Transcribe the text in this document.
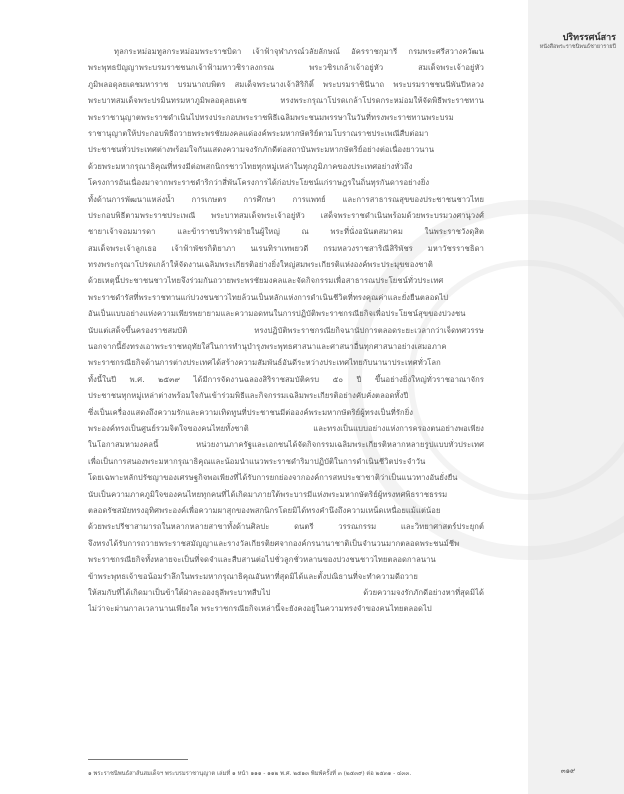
ปริทรรศน์สาร

หนังสือพระราชนิพนธ์ชายารายปี

ทุลกระหม่อมทูลกระหม่อมพระราชบิดา เจ้าฟ้าจุฬาภรณ์วลัยลักษณ์ อัครราชกุมารี กรมพระศรีสวางควัฒน
พระพุทธปัญญาพระบรมราชชนกเจ้าฟ้ามหาวชิราลงกรณ พระวชิรเกล้าเจ้าอยู่หัว สมเด็จพระเจ้าอยู่หัว
ภูมิพลอดุลยเดชมหาราช บรมนาถบพิตร สมเด็จพระนางเจ้าสิริกิติ์ พระบรมราชินีนาถ พระบรมราชชนนีพันปีหลวง
พระบาทสมเด็จพระปรมินทรมหาภูมิพลอดุลยเดช ทรงพระกรุณาโปรดเกล้าโปรดกระหม่อมให้จัดพิธีพระราชทาน
พระราชานุญาตพระราชดำเนินไปทรงประกอบพระราชพิธีเฉลิมพระชนมพรรษาในวันที่ทรงพระราชทานพระบรม
ราชานุญาตให้ประกอบพิธีถวายพระพรชัยมงคลแด่องค์พระมหากษัตริย์ตามโบราณราชประเพณีสืบต่อมา
ประชาชนทั่วประเทศต่างพร้อมใจกันแสดงความจงรักภักดีต่อสถาบันพระมหากษัตริย์อย่างต่อเนื่องยาวนาน
ด้วยพระมหากรุณาธิคุณที่ทรงมีต่อพสกนิกรชาวไทยทุกหมู่เหล่าในทุกภูมิภาคของประเทศอย่างทั่วถึง
โครงการอันเนื่องมาจากพระราชดำริกว่าสี่พันโครงการได้ก่อประโยชน์แก่ราษฎรในถิ่นทุรกันดารอย่างยิ่ง
ทั้งด้านการพัฒนาแหล่งน้ำ การเกษตร การศึกษา การแพทย์ และการสาธารณสุขของประชาชนชาวไทย
ประกอบพิธีตามพระราชประเพณี พระบาทสมเด็จพระเจ้าอยู่หัว เสด็จพระราชดำเนินพร้อมด้วยพระบรมวงศานุวงศ์
ชายาเจ้าจอมมารดา และข้าราชบริพารฝ่ายในผู้ใหญ่ ณ พระที่นั่งอนันตสมาคม ในพระราชวังดุสิต
สมเด็จพระเจ้าลูกเธอ เจ้าฟ้าพัชรกิติยาภา นเรนทิราเทพยวดี กรมหลวงราชสาริณีสิริพัชร มหาวัชรราชธิดา
ทรงพระกรุณาโปรดเกล้าให้จัดงานเฉลิมพระเกียรติอย่างยิ่งใหญ่สมพระเกียรติแห่งองค์พระประมุขของชาติ
ด้วยเหตุนี้ประชาชนชาวไทยจึงร่วมกันถวายพระพรชัยมงคลและจัดกิจกรรมเพื่อสาธารณประโยชน์ทั่วประเทศ
พระราชดำรัสที่พระราชทานแก่ปวงชนชาวไทยล้วนเป็นหลักแห่งการดำเนินชีวิตที่ทรงคุณค่าและยั่งยืนตลอดไป
อันเป็นแบบอย่างแห่งความเพียรพยายามและความอดทนในการปฏิบัติพระราชกรณียกิจเพื่อประโยชน์สุขของปวงชน
นับแต่เสด็จขึ้นครองราชสมบัติ ทรงปฏิบัติพระราชกรณียกิจนานัปการตลอดระยะเวลากว่าเจ็ดทศวรรษ
นอกจากนี้ยังทรงเอาพระราชหฤทัยใส่ในการทำนุบำรุงพระพุทธศาสนาและศาสนาอื่นทุกศาสนาอย่างเสมอภาค
พระราชกรณียกิจด้านการต่างประเทศได้สร้างความสัมพันธ์อันดีระหว่างประเทศไทยกับนานาประเทศทั่วโลก
ทั้งนี้ในปี พ.ศ. ๒๕๓๙ ได้มีการจัดงานฉลองสิริราชสมบัติครบ ๕๐ ปี ขึ้นอย่างยิ่งใหญ่ทั่วราชอาณาจักร
ประชาชนทุกหมู่เหล่าต่างพร้อมใจกันเข้าร่วมพิธีและกิจกรรมเฉลิมพระเกียรติอย่างคับคั่งตลอดทั้งปี
ซึ่งเป็นเครื่องแสดงถึงความรักและความเทิดทูนที่ประชาชนมีต่อองค์พระมหากษัตริย์ผู้ทรงเป็นที่รักยิ่ง
พระองค์ทรงเป็นศูนย์รวมจิตใจของคนไทยทั้งชาติ และทรงเป็นแบบอย่างแห่งการครองตนอย่างพอเพียง
ในโอกาสมหามงคลนี้ หน่วยงานภาครัฐและเอกชนได้จัดกิจกรรมเฉลิมพระเกียรติหลากหลายรูปแบบทั่วประเทศ
เพื่อเป็นการสนองพระมหากรุณาธิคุณและน้อมนำแนวพระราชดำริมาปฏิบัติในการดำเนินชีวิตประจำวัน
โดยเฉพาะหลักปรัชญาของเศรษฐกิจพอเพียงที่ได้รับการยกย่องจากองค์การสหประชาชาติว่าเป็นแนวทางอันยั่งยืน
นับเป็นความภาคภูมิใจของคนไทยทุกคนที่ได้เกิดมาภายใต้พระบารมีแห่งพระมหากษัตริย์ผู้ทรงทศพิธราชธรรม
ตลอดรัชสมัยทรงอุทิศพระองค์เพื่อความผาสุกของพสกนิกรโดยมิได้ทรงคำนึงถึงความเหน็ดเหนื่อยแม้แต่น้อย
ด้วยพระปรีชาสามารถในหลากหลายสาขาทั้งด้านศิลปะ ดนตรี วรรณกรรม และวิทยาศาสตร์ประยุกต์
จึงทรงได้รับการถวายพระราชสมัญญาและรางวัลเกียรติยศจากองค์กรนานาชาติเป็นจำนวนมากตลอดพระชนม์ชีพ
พระราชกรณียกิจทั้งหลายจะเป็นที่จดจำและสืบสานต่อไปชั่วลูกชั่วหลานของปวงชนชาวไทยตลอดกาลนาน
ข้าพระพุทธเจ้าขอน้อมรำลึกในพระมหากรุณาธิคุณอันหาที่สุดมิได้และตั้งปณิธานที่จะทำความดีถวาย
ให้สมกับที่ได้เกิดมาเป็นข้าใต้ฝ่าละอองธุลีพระบาทสืบไป ด้วยความจงรักภักดีอย่างหาที่สุดมิได้
ไม่ว่าจะผ่านกาลเวลานานเพียงใด พระราชกรณียกิจเหล่านี้จะยังคงอยู่ในความทรงจำของคนไทยตลอดไป

๑ พระราชนิพนธ์สาส์นสมเด็จฯ พระบรมราชานุญาต เล่มที่ ๑ หน้า ๑๑๑ - ๑๑๒ พ.ศ. ๒๕๑๓ พิมพ์ครั้งที่ ๓ (๒๕๓๙) ต่อ ๒๕๓๑ - ๔๓๓.	๓๑๙
